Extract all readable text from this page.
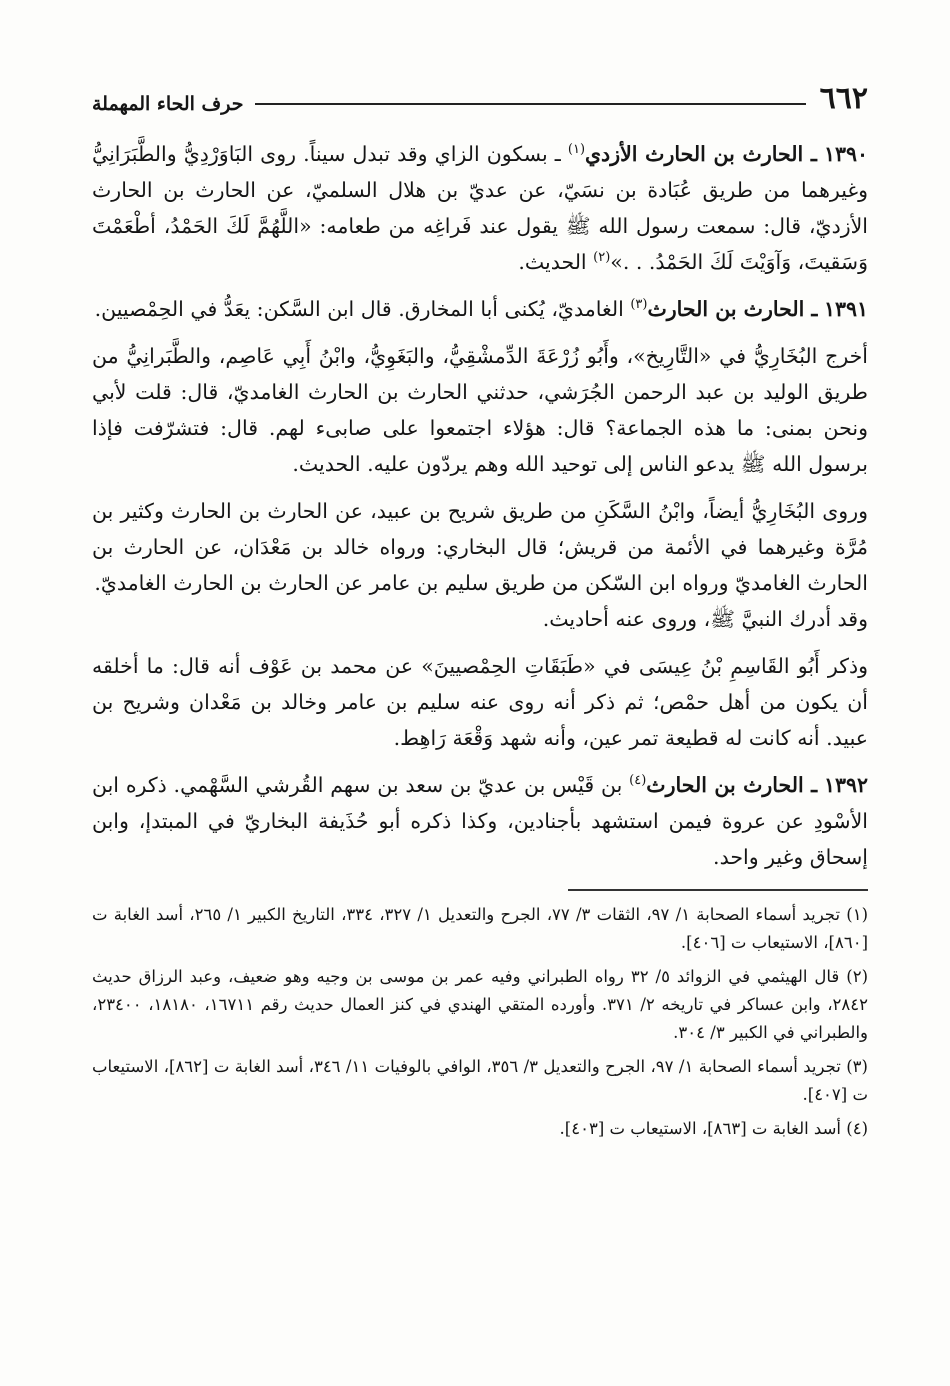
٦٦٢
حرف الحاء المهملة

١٣٩٠ ـ الحارث بن الحارث الأزدي$^{(١)}$ ـ بسكون الزاي وقد تبدل سيناً. روى البَاوَرْدِيُّ والطَّبَرَانِيُّ وغيرهما من طريق عُبَادة بن نسَيّ، عن عديّ بن هلال السلميّ، عن الحارث بن الحارث الأزديّ، قال: سمعت رسول الله ﷺ يقول عند فَراغِه من طعامه: «اللَّهُمَّ لَكَ الحَمْدُ، أطْعَمْتَ وَسَقيتَ، وَآوَيْتَ لَكَ الحَمْدُ. . .»$^{(٢)}$ الحديث.

١٣٩١ ـ الحارث بن الحارث$^{(٣)}$ الغامديّ، يُكنى أبا المخارق. قال ابن السَّكن: يعَدُّ في الحِمْصيين.

أخرج البُخَارِيُّ في «التَّارِيخ»، وأَبُو زُرْعَةَ الدِّمشْقِيُّ، والبَغَوِيُّ، وابْنُ أَبِي عَاصِم، والطَّبَرانِيُّ من طريق الوليد بن عبد الرحمن الجُرَشي، حدثني الحارث بن الحارث الغامديّ، قال: قلت لأبي ونحن بمنى: ما هذه الجماعة؟ قال: هؤلاء اجتمعوا على صابىء لهم. قال: فتشرّفت فإذا برسول الله ﷺ يدعو الناس إلى توحيد الله وهم يردّون عليه. الحديث.

وروى البُخَارِيُّ أيضاً، وابْنُ السَّكَنِ من طريق شريح بن عبيد، عن الحارث بن الحارث وكثير بن مُرَّة وغيرهما في الأئمة من قريش؛ قال البخاري: ورواه خالد بن مَعْدَان، عن الحارث بن الحارث الغامديّ ورواه ابن السّكن من طريق سليم بن عامر عن الحارث بن الحارث الغامديّ.

وقد أدرك النبيَّ ﷺ، وروى عنه أحاديث.

وذكر أَبُو القَاسِمِ بْنُ عِيسَى في «طَبَقَاتِ الحِمْصيينَ» عن محمد بن عَوْف أنه قال: ما أخلقه أن يكون من أهل حمْص؛ ثم ذكر أنه روى عنه سليم بن عامر وخالد بن مَعْدان وشريح بن عبيد. أنه كانت له قطيعة تمر عين، وأنه شهد وَقْعَة رَاهِط.

١٣٩٢ ـ الحارث بن الحارث$^{(٤)}$ بن قَيْس بن عديّ بن سعد بن سهم القُرشي السَّهْمي. ذكره ابن الأسْودِ عن عروة فيمن استشهد بأجنادين، وكذا ذكره أبو حُذَيفة البخاريّ في المبتدإ، وابن إسحاق وغير واحد.

(١) تجريد أسماء الصحابة ١/ ٩٧، الثقات ٣/ ٧٧، الجرح والتعديل ١/ ٣٢٧، ٣٣٤، التاريخ الكبير ١/ ٢٦٥، أسد الغابة ت [٨٦٠]، الاستيعاب ت [٤٠٦].

(٢) قال الهيثمي في الزوائد ٥/ ٣٢ رواه الطبراني وفيه عمر بن موسى بن وجيه وهو ضعيف، وعبد الرزاق حديث ٢٨٤٢، وابن عساكر في تاريخه ٢/ ٣٧١. وأورده المتقي الهندي في كنز العمال حديث رقم ١٦٧١١، ١٨١٨٠، ٢٣٤٠٠، والطبراني في الكبير ٣/ ٣٠٤.

(٣) تجريد أسماء الصحابة ١/ ٩٧، الجرح والتعديل ٣/ ٣٥٦، الوافي بالوفيات ١١/ ٣٤٦، أسد الغابة ت [٨٦٢]، الاستيعاب ت [٤٠٧].

(٤) أسد الغابة ت [٨٦٣]، الاستيعاب ت [٤٠٣].
